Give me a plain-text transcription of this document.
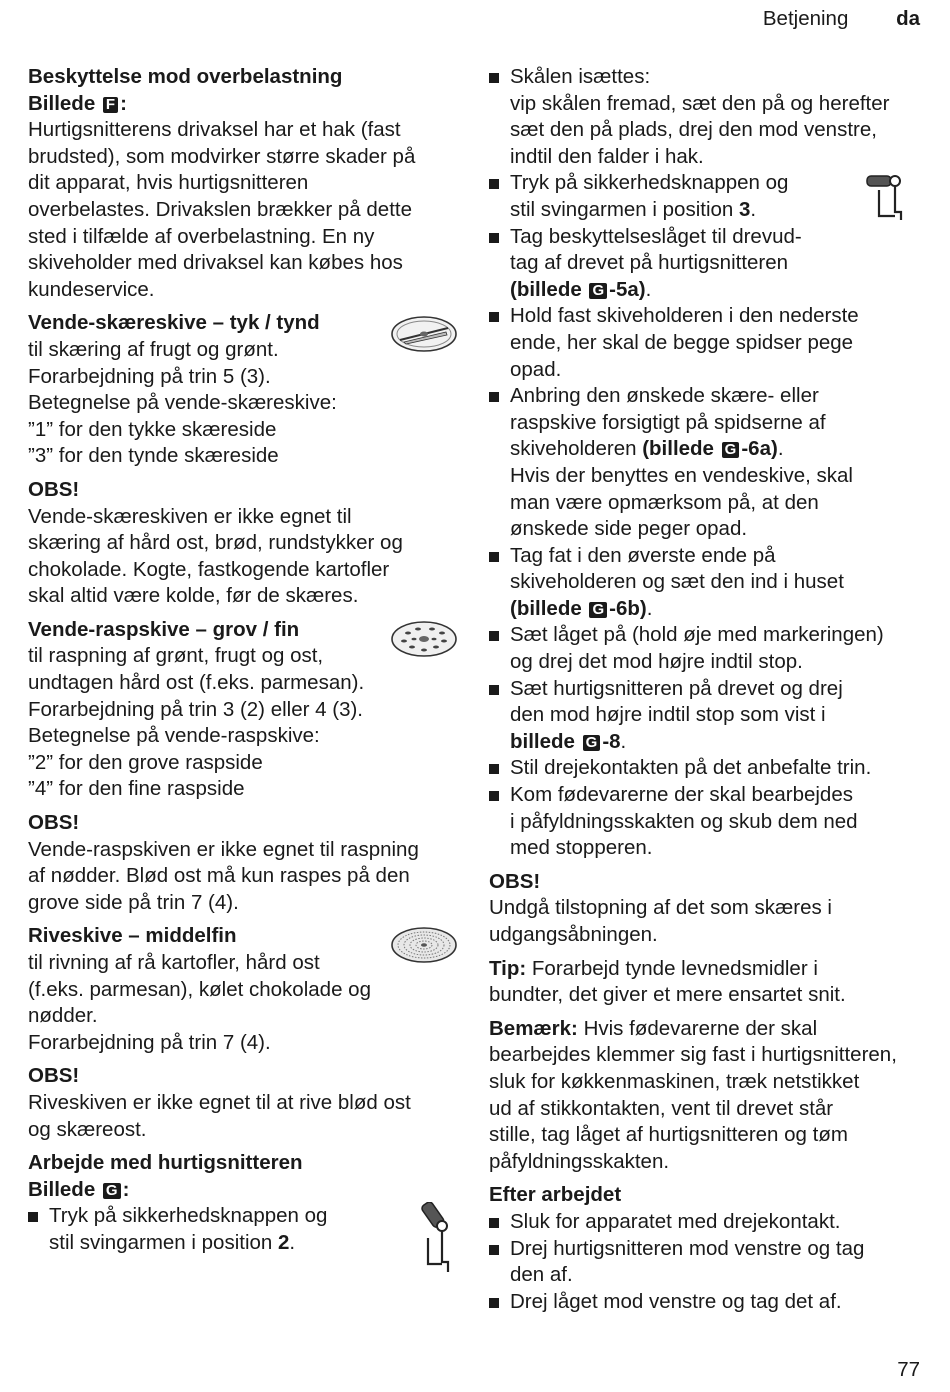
Betjening da

Beskyttelse mod overbelastning

Billede F :

Hurtigsnitterens drivaksel har et hak (fast

brudsted), som modvirker større skader på

dit apparat, hvis hurtigsnitteren

overbelastes. Drivakslen brækker på dette

sted i tilfælde af overbelastning. En ny

skiveholder med drivaksel kan købes hos

kundeservice.

Vende-skæreskive – tyk / tynd

til skæring af frugt og grønt.

Forarbejdning på trin 5 (3).

Betegnelse på vende-skæreskive:

”1” for den tykke skæreside

”3” for den tynde skæreside

OBS!

Vende-skæreskiven er ikke egnet til

skæring af hård ost, brød, rundstykker og

chokolade. Kogte, fastkogende kartofler

skal altid være kolde, før de skæres.

Vende-raspskive – grov / fin

til raspning af grønt, frugt og ost,

undtagen hård ost (f.eks. parmesan).

Forarbejdning på trin 3 (2) eller 4 (3).

Betegnelse på vende-raspskive:

”2” for den grove raspside

”4” for den fine raspside

OBS!

Vende-raspskiven er ikke egnet til raspning

af nødder. Blød ost må kun raspes på den

grove side på trin 7 (4).

Riveskive – middelfin

til rivning af rå kartofler, hård ost

(f.eks. parmesan), kølet chokolade og

nødder.

Forarbejdning på trin 7 (4).

OBS!

Riveskiven er ikke egnet til at rive blød ost

og skæreost.

Arbejde med hurtigsnitteren

Billede G :

Tryk på sikkerhedsknappen og

stil svingarmen i position 2.

Skålen isættes:

vip skålen fremad, sæt den på og herefter

sæt den på plads, drej den mod venstre,

indtil den falder i hak.

Tryk på sikkerhedsknappen og

stil svingarmen i position 3.

Tag beskyttelseslåget til drevud-

tag af drevet på hurtigsnitteren

(billede G -5a).

Hold fast skiveholderen i den nederste

ende, her skal de begge spidser pege

opad.

Anbring den ønskede skære- eller

raspskive forsigtigt på spidserne af

skiveholderen (billede G -6a).

Hvis der benyttes en vendeskive, skal

man være opmærksom på, at den

ønskede side peger opad.

Tag fat i den øverste ende på

skiveholderen og sæt den ind i huset

(billede G -6b).

Sæt låget på (hold øje med markeringen)

og drej det mod højre indtil stop.

Sæt hurtigsnitteren på drevet og drej

den mod højre indtil stop som vist i

billede G -8.

Stil drejekontakten på det anbefalte trin.

Kom fødevarerne der skal bearbejdes

i påfyldningsskakten og skub dem ned

med stopperen.

OBS!

Undgå tilstopning af det som skæres i

udgangsåbningen.

Tip: Forarbejd tynde levnedsmidler i

bundter, det giver et mere ensartet snit.

Bemærk: Hvis fødevarerne der skal

bearbejdes klemmer sig fast i hurtigsnitteren,

sluk for køkkenmaskinen, træk netstikket

ud af stikkontakten, vent til drevet står

stille, tag låget af hurtigsnitteren og tøm

påfyldningsskakten.

Efter arbejdet

Sluk for apparatet med drejekontakt.

Drej hurtigsnitteren mod venstre og tag

den af.

Drej låget mod venstre og tag det af.

77
